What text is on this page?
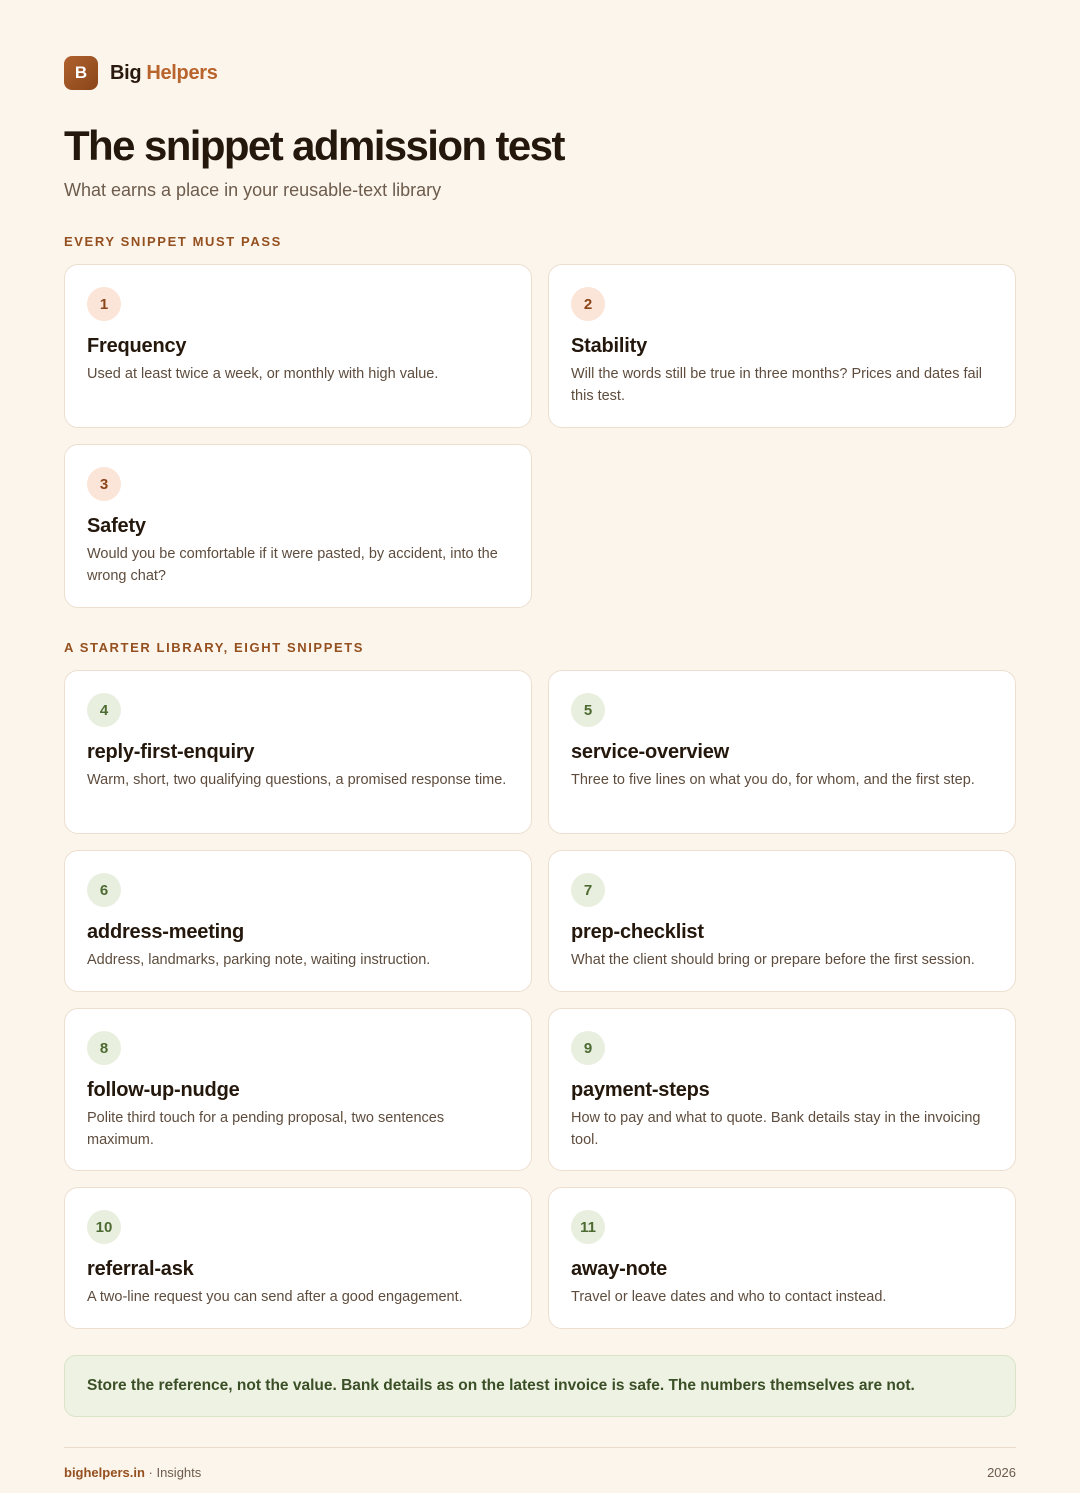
B	Big Helpers
The snippet admission test
What earns a place in your reusable-text library
EVERY SNIPPET MUST PASS
1
Frequency
Used at least twice a week, or monthly with high value.
2
Stability
Will the words still be true in three months? Prices and dates fail this test.
3
Safety
Would you be comfortable if it were pasted, by accident, into the wrong chat?
A STARTER LIBRARY, EIGHT SNIPPETS
4
reply-first-enquiry
Warm, short, two qualifying questions, a promised response time.
5
service-overview
Three to five lines on what you do, for whom, and the first step.
6
address-meeting
Address, landmarks, parking note, waiting instruction.
7
prep-checklist
What the client should bring or prepare before the first session.
8
follow-up-nudge
Polite third touch for a pending proposal, two sentences maximum.
9
payment-steps
How to pay and what to quote. Bank details stay in the invoicing tool.
10
referral-ask
A two-line request you can send after a good engagement.
11
away-note
Travel or leave dates and who to contact instead.
Store the reference, not the value. Bank details as on the latest invoice is safe. The numbers themselves are not.
bighelpers.in · Insights	2026
